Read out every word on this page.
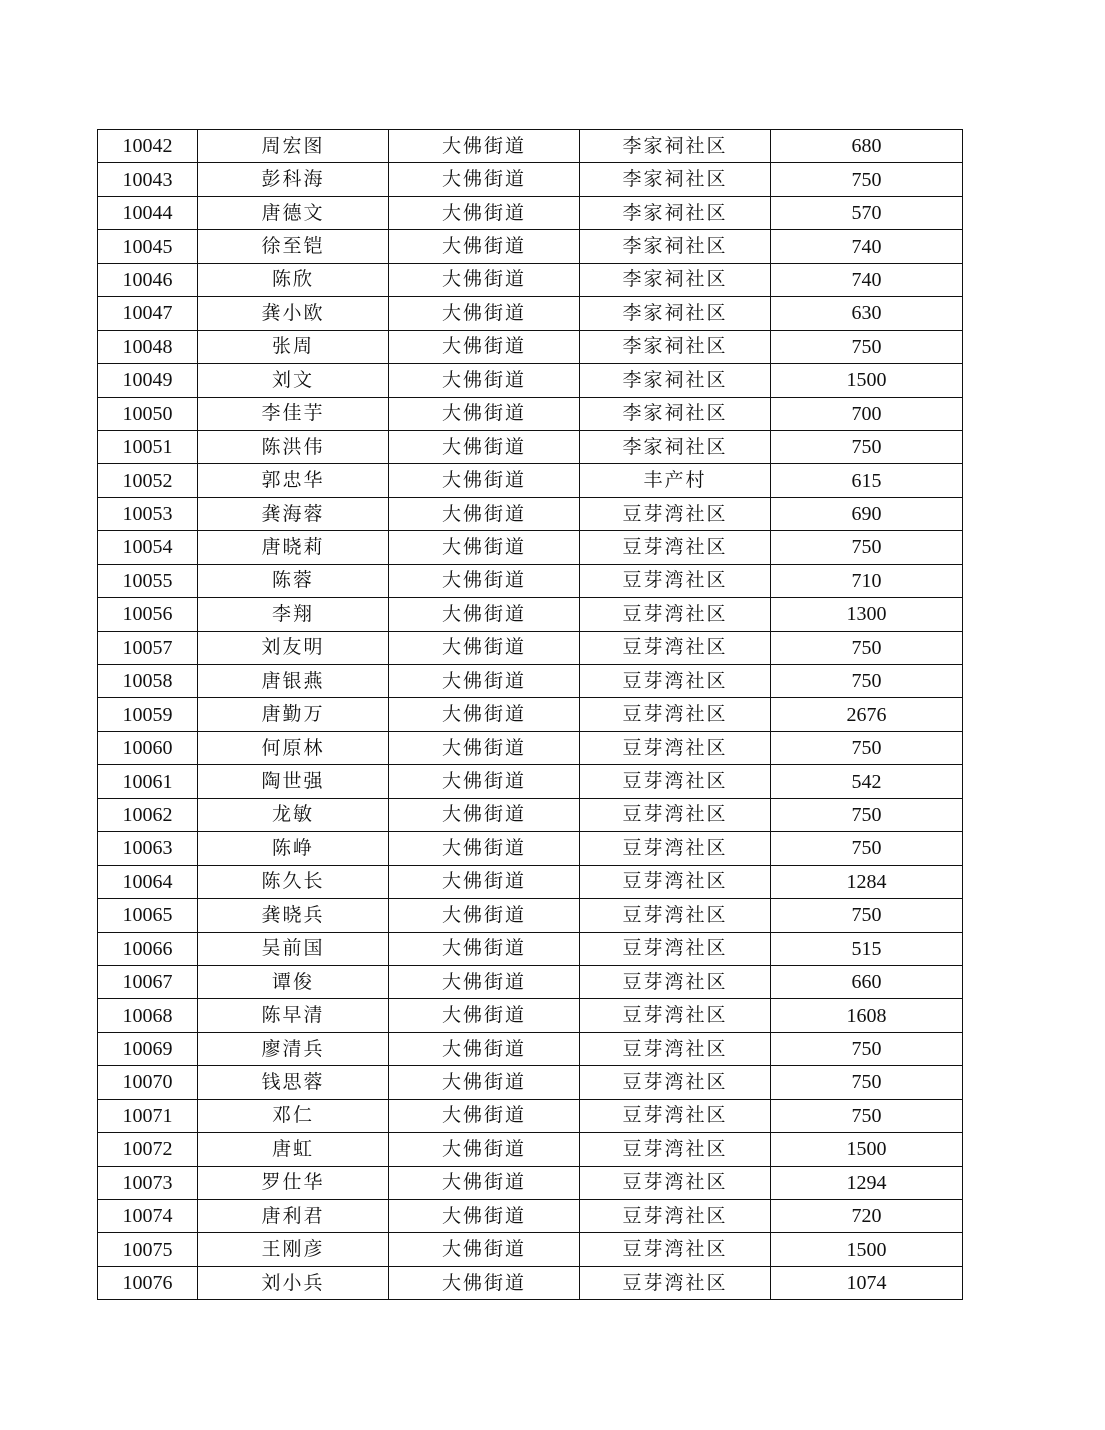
10042	周宏图	大佛街道	李家祠社区	680
10043	彭科海	大佛街道	李家祠社区	750
10044	唐德文	大佛街道	李家祠社区	570
10045	徐至铠	大佛街道	李家祠社区	740
10046	陈欣	大佛街道	李家祠社区	740
10047	龚小欧	大佛街道	李家祠社区	630
10048	张周	大佛街道	李家祠社区	750
10049	刘文	大佛街道	李家祠社区	1500
10050	李佳芋	大佛街道	李家祠社区	700
10051	陈洪伟	大佛街道	李家祠社区	750
10052	郭忠华	大佛街道	丰产村	615
10053	龚海蓉	大佛街道	豆芽湾社区	690
10054	唐晓莉	大佛街道	豆芽湾社区	750
10055	陈蓉	大佛街道	豆芽湾社区	710
10056	李翔	大佛街道	豆芽湾社区	1300
10057	刘友明	大佛街道	豆芽湾社区	750
10058	唐银燕	大佛街道	豆芽湾社区	750
10059	唐勤万	大佛街道	豆芽湾社区	2676
10060	何原林	大佛街道	豆芽湾社区	750
10061	陶世强	大佛街道	豆芽湾社区	542
10062	龙敏	大佛街道	豆芽湾社区	750
10063	陈峥	大佛街道	豆芽湾社区	750
10064	陈久长	大佛街道	豆芽湾社区	1284
10065	龚晓兵	大佛街道	豆芽湾社区	750
10066	吴前国	大佛街道	豆芽湾社区	515
10067	谭俊	大佛街道	豆芽湾社区	660
10068	陈早清	大佛街道	豆芽湾社区	1608
10069	廖清兵	大佛街道	豆芽湾社区	750
10070	钱思蓉	大佛街道	豆芽湾社区	750
10071	邓仁	大佛街道	豆芽湾社区	750
10072	唐虹	大佛街道	豆芽湾社区	1500
10073	罗仕华	大佛街道	豆芽湾社区	1294
10074	唐利君	大佛街道	豆芽湾社区	720
10075	王刚彦	大佛街道	豆芽湾社区	1500
10076	刘小兵	大佛街道	豆芽湾社区	1074
